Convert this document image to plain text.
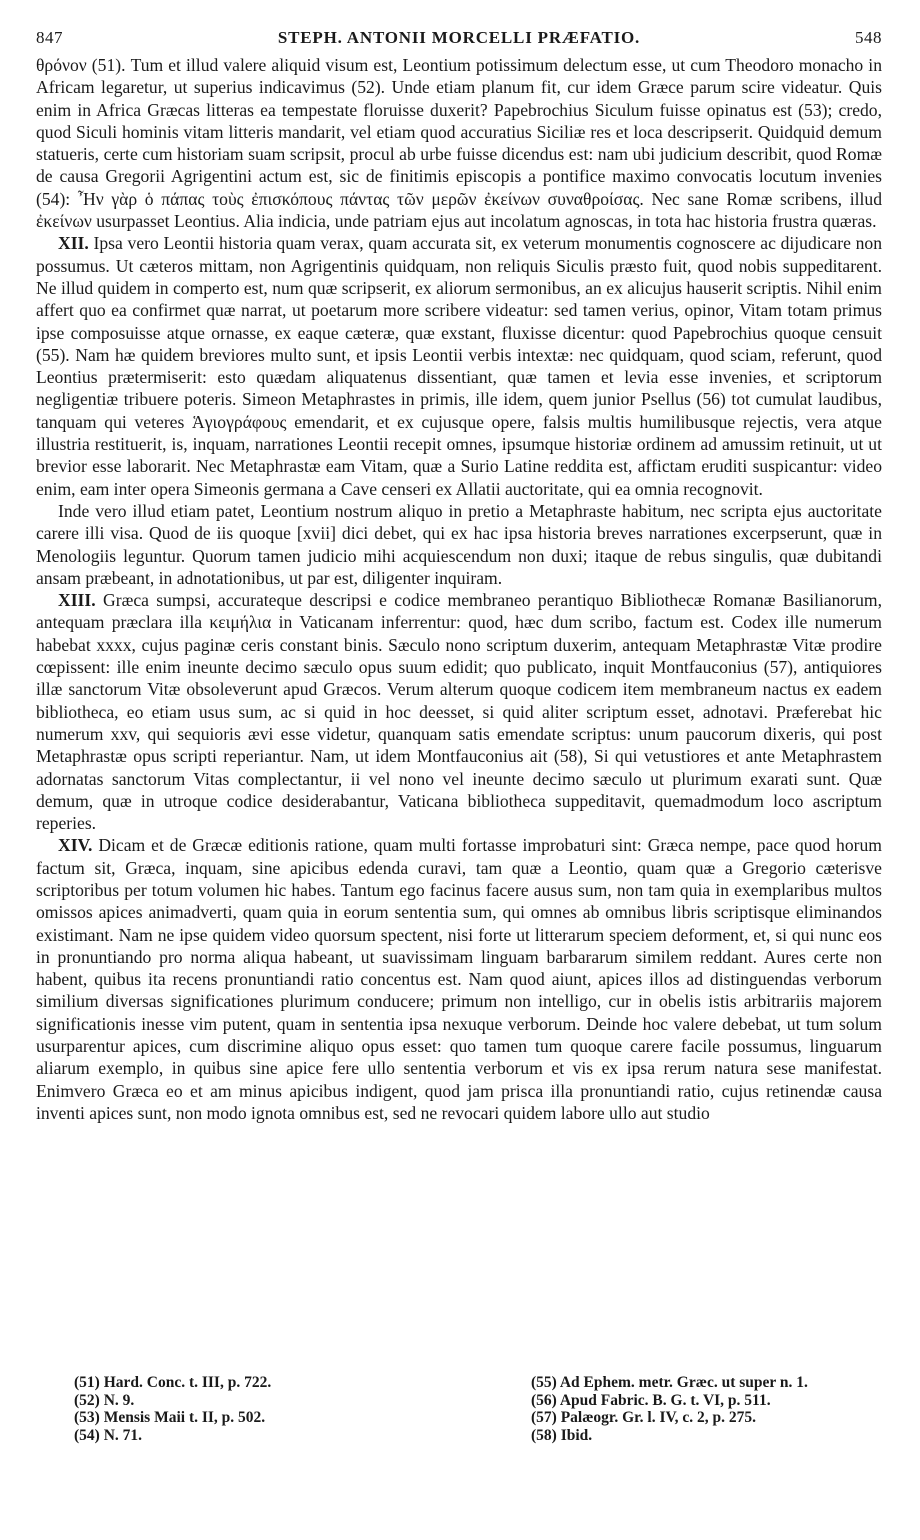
847	STEPH. ANTONII MORCELLI PRÆFATIO.	548

θρόνον (51). Tum et illud valere aliquid visum est, Leontium potissimum delectum esse, ut cum Theodoro monacho in Africam legaretur, ut superius indicavimus (52). Unde etiam planum fit, cur idem Græce parum scire videatur. Quis enim in Africa Græcas litteras ea tempestate floruisse duxerit? Papebrochius Siculum fuisse opinatus est (53); credo, quod Siculi hominis vitam litteris mandarit, vel etiam quod accuratius Siciliæ res et loca descripserit. Quidquid demum statueris, certe cum historiam suam scripsit, procul ab urbe fuisse dicendus est: nam ubi judicium describit, quod Romæ de causa Gregorii Agrigentini actum est, sic de finitimis episcopis a pontifice maximo convocatis locutum invenies (54): Ἦν γὰρ ὁ πάπας τοὺς ἐπισκόπους πάντας τῶν μερῶν ἐκείνων συναθροίσας. Nec sane Romæ scribens, illud ἐκείνων usurpasset Leontius. Alia indicia, unde patriam ejus aut incolatum agnoscas, in tota hac historia frustra quæras.

XII. Ipsa vero Leontii historia quam verax, quam accurata sit, ex veterum monumentis cognoscere ac dijudicare non possumus. Ut cæteros mittam, non Agrigentinis quidquam, non reliquis Siculis præsto fuit, quod nobis suppeditarent. Ne illud quidem in comperto est, num quæ scripserit, ex aliorum sermonibus, an ex alicujus hauserit scriptis. Nihil enim affert quo ea confirmet quæ narrat, ut poetarum more scribere videatur: sed tamen verius, opinor, Vitam totam primus ipse composuisse atque ornasse, ex eaque cæteræ, quæ exstant, fluxisse dicentur: quod Papebrochius quoque censuit (55). Nam hæ quidem breviores multo sunt, et ipsis Leontii verbis intextæ: nec quidquam, quod sciam, referunt, quod Leontius prætermiserit: esto quædam aliquatenus dissentiant, quæ tamen et levia esse invenies, et scriptorum negligentiæ tribuere poteris. Simeon Metaphrastes in primis, ille idem, quem junior Psellus (56) tot cumulat laudibus, tanquam qui veteres Ἁγιογράφους emendarit, et ex cujusque opere, falsis multis humilibusque rejectis, vera atque illustria restituerit, is, inquam, narrationes Leontii recepit omnes, ipsumque historiæ ordinem ad amussim retinuit, ut ut brevior esse laborarit. Nec Metaphrastæ eam Vitam, quæ a Surio Latine reddita est, affictam eruditi suspicantur: video enim, eam inter opera Simeonis germana a Cave censeri ex Allatii auctoritate, qui ea omnia recognovit.

Inde vero illud etiam patet, Leontium nostrum aliquo in pretio a Metaphraste habitum, nec scripta ejus auctoritate carere illi visa. Quod de iis quoque [xvii] dici debet, qui ex hac ipsa historia breves narrationes excerpserunt, quæ in Menologiis leguntur. Quorum tamen judicio mihi acquiescendum non duxi; itaque de rebus singulis, quæ dubitandi ansam præbeant, in adnotationibus, ut par est, diligenter inquiram.

XIII. Græca sumpsi, accurateque descripsi e codice membraneo perantiquo Bibliothecæ Romanæ Basilianorum, antequam præclara illa κειμήλια in Vaticanam inferrentur: quod, hæc dum scribo, factum est. Codex ille numerum habebat xxxx, cujus paginæ ceris constant binis. Sæculo nono scriptum duxerim, antequam Metaphrastæ Vitæ prodire cœpissent: ille enim ineunte decimo sæculo opus suum edidit; quo publicato, inquit Montfauconius (57), antiquiores illæ sanctorum Vitæ obsoleverunt apud Græcos. Verum alterum quoque codicem item membraneum nactus ex eadem bibliotheca, eo etiam usus sum, ac si quid in hoc deesset, si quid aliter scriptum esset, adnotavi. Præferebat hic numerum xxv, qui sequioris ævi esse videtur, quanquam satis emendate scriptus: unum paucorum dixeris, qui post Metaphrastæ opus scripti reperiantur. Nam, ut idem Montfauconius ait (58), Si qui vetustiores et ante Metaphrastem adornatas sanctorum Vitas complectantur, ii vel nono vel ineunte decimo sæculo ut plurimum exarati sunt. Quæ demum, quæ in utroque codice desiderabantur, Vaticana bibliotheca suppeditavit, quemadmodum loco ascriptum reperies.

XIV. Dicam et de Græcæ editionis ratione, quam multi fortasse improbaturi sint: Græca nempe, pace quod horum factum sit, Græca, inquam, sine apicibus edenda curavi, tam quæ a Leontio, quam quæ a Gregorio cæterisve scriptoribus per totum volumen hic habes. Tantum ego facinus facere ausus sum, non tam quia in exemplaribus multos omissos apices animadverti, quam quia in eorum sententia sum, qui omnes ab omnibus libris scriptisque eliminandos existimant. Nam ne ipse quidem video quorsum spectent, nisi forte ut litterarum speciem deforment, et, si qui nunc eos in pronuntiando pro norma aliqua habeant, ut suavissimam linguam barbararum similem reddant. Aures certe non habent, quibus ita recens pronuntiandi ratio concentus est. Nam quod aiunt, apices illos ad distinguendas verborum similium diversas significationes plurimum conducere; primum non intelligo, cur in obelis istis arbitrariis majorem significationis inesse vim putent, quam in sententia ipsa nexuque verborum. Deinde hoc valere debebat, ut tum solum usurparentur apices, cum discrimine aliquo opus esset: quo tamen tum quoque carere facile possumus, linguarum aliarum exemplo, in quibus sine apice fere ullo sententia verborum et vis ex ipsa rerum natura sese manifestat. Enimvero Græca eo et am minus apicibus indigent, quod jam prisca illa pronuntiandi ratio, cujus retinendæ causa inventi apices sunt, non modo ignota omnibus est, sed ne revocari quidem labore ullo aut studio

(51) Hard. Conc. t. III, p. 722.
(52) N. 9.
(53) Mensis Maii t. II, p. 502.
(54) N. 71.
(55) Ad Ephem. metr. Græc. ut super n. 1.
(56) Apud Fabric. B. G. t. VI, p. 511.
(57) Palæogr. Gr. l. IV, c. 2, p. 275.
(58) Ibid.
